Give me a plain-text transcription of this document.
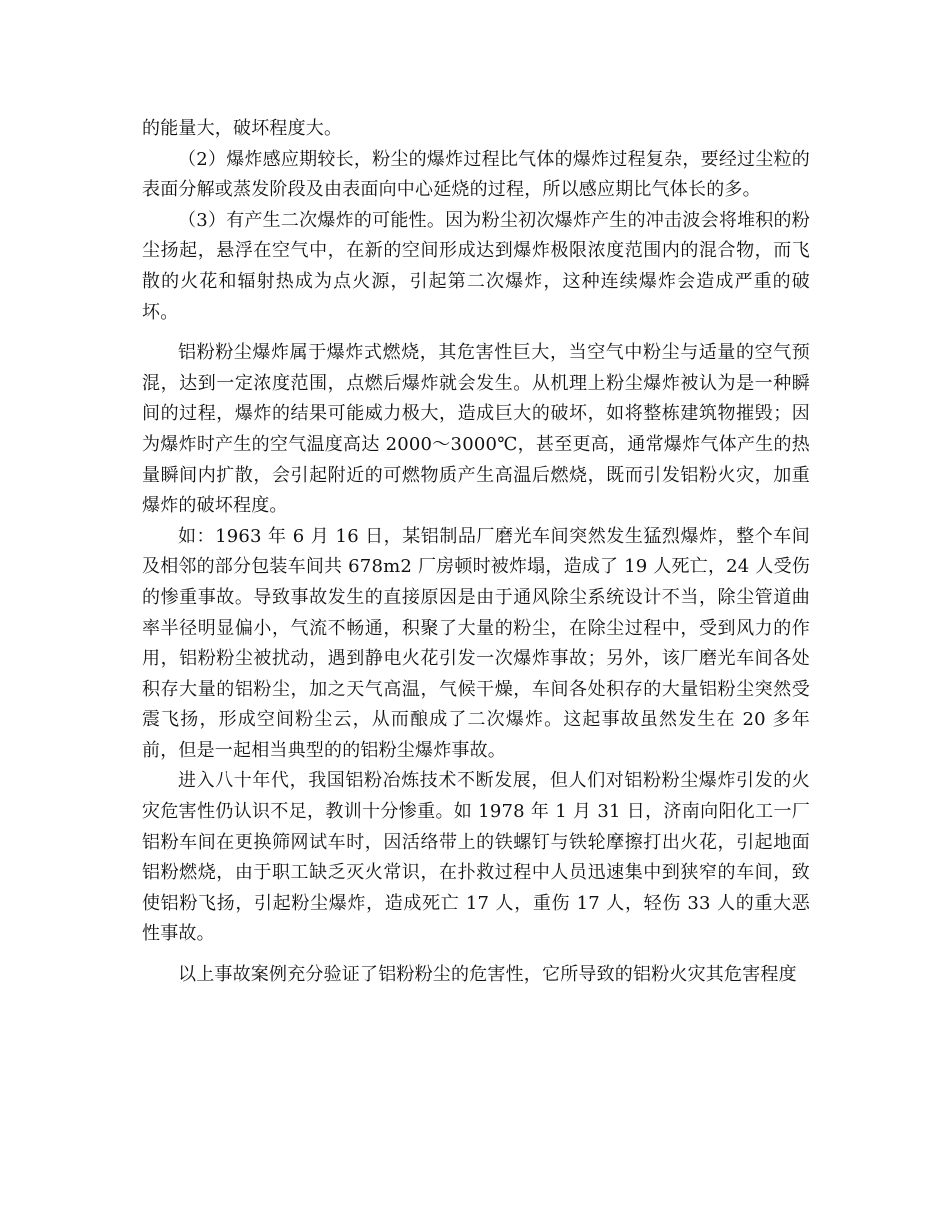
的能量大，破坏程度大。

（2）爆炸感应期较长，粉尘的爆炸过程比气体的爆炸过程复杂，要经过尘粒的表面分解或蒸发阶段及由表面向中心延烧的过程，所以感应期比气体长的多。

（3）有产生二次爆炸的可能性。因为粉尘初次爆炸产生的冲击波会将堆积的粉尘扬起，悬浮在空气中，在新的空间形成达到爆炸极限浓度范围内的混合物，而飞散的火花和辐射热成为点火源，引起第二次爆炸，这种连续爆炸会造成严重的破坏。

铝粉粉尘爆炸属于爆炸式燃烧，其危害性巨大，当空气中粉尘与适量的空气预混，达到一定浓度范围，点燃后爆炸就会发生。从机理上粉尘爆炸被认为是一种瞬间的过程，爆炸的结果可能威力极大，造成巨大的破坏，如将整栋建筑物摧毁；因为爆炸时产生的空气温度高达 2000～3000℃，甚至更高，通常爆炸气体产生的热量瞬间内扩散，会引起附近的可燃物质产生高温后燃烧，既而引发铝粉火灾，加重爆炸的破坏程度。

如：1963 年 6 月 16 日，某铝制品厂磨光车间突然发生猛烈爆炸，整个车间及相邻的部分包装车间共 678m2 厂房顿时被炸塌，造成了 19 人死亡，24 人受伤的惨重事故。导致事故发生的直接原因是由于通风除尘系统设计不当，除尘管道曲率半径明显偏小，气流不畅通，积聚了大量的粉尘，在除尘过程中，受到风力的作用，铝粉粉尘被扰动，遇到静电火花引发一次爆炸事故；另外，该厂磨光车间各处积存大量的铝粉尘，加之天气高温，气候干燥，车间各处积存的大量铝粉尘突然受震飞扬，形成空间粉尘云，从而酿成了二次爆炸。这起事故虽然发生在 20 多年前，但是一起相当典型的的铝粉尘爆炸事故。

进入八十年代，我国铝粉冶炼技术不断发展，但人们对铝粉粉尘爆炸引发的火灾危害性仍认识不足，教训十分惨重。如 1978 年 1 月 31 日，济南向阳化工一厂铝粉车间在更换筛网试车时，因活络带上的铁螺钉与铁轮摩擦打出火花，引起地面铝粉燃烧，由于职工缺乏灭火常识，在扑救过程中人员迅速集中到狭窄的车间，致使铝粉飞扬，引起粉尘爆炸，造成死亡 17 人，重伤 17 人，轻伤 33 人的重大恶性事故。

以上事故案例充分验证了铝粉粉尘的危害性，它所导致的铝粉火灾其危害程度
